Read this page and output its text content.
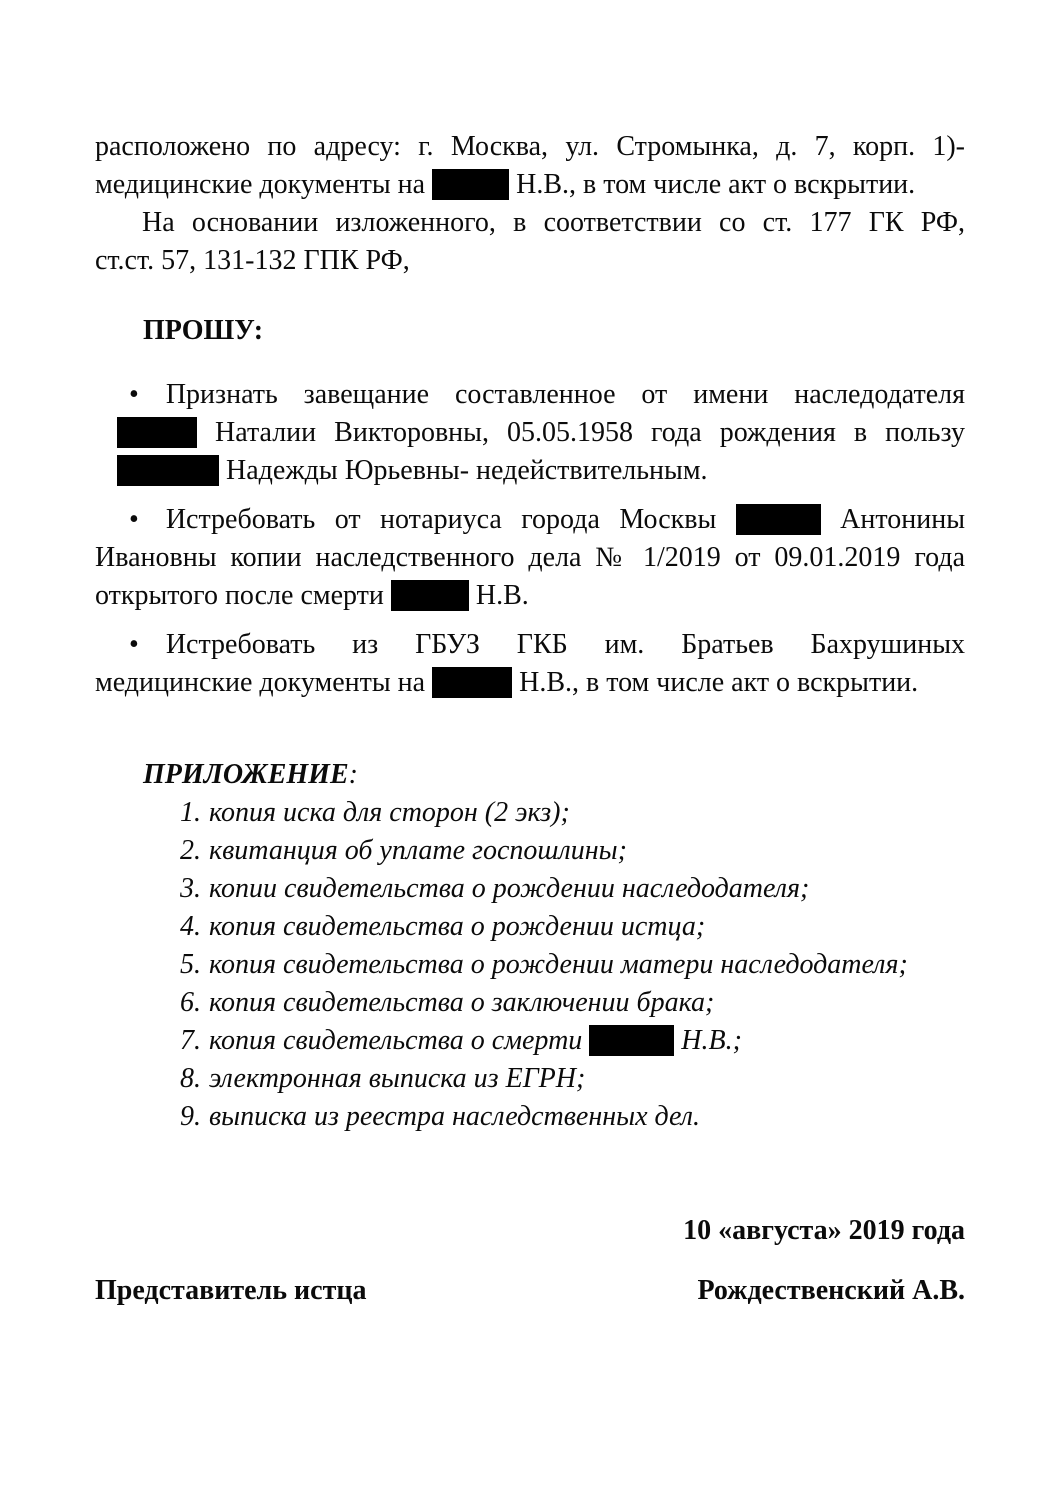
расположено по адресу: г. Москва, ул. Стромынка, д. 7, корп. 1)-
медицинские документы на	Н.В., в том числе акт о вскрытии.
На основании изложенного, в соответствии со ст. 177 ГК РФ,
ст.ст. 57, 131-132 ГПК РФ,
ПРОШУ:
• Признать завещание составленное от имени наследодателя
Наталии Викторовны, 05.05.1958 года рождения в пользу
Надежды Юрьевны- недействительным.
• Истребовать от нотариуса города Москвы	Антонины
Ивановны копии наследственного дела № 1/2019 от 09.01.2019 года
открытого после смерти	Н.В.
• Истребовать из ГБУЗ ГКБ им. Братьев Бахрушиных
медицинские документы на	Н.В., в том числе акт о вскрытии.
ПРИЛОЖЕНИЕ:
1. копия иска для сторон (2 экз);
2. квитанция об уплате госпошлины;
3. копии свидетельства о рождении наследодателя;
4. копия свидетельства о рождении истца;
5. копия свидетельства о рождении матери наследодателя;
6. копия свидетельства о заключении брака;
7. копия свидетельства о смерти	Н.В.;
8. электронная выписка из ЕГРН;
9. выписка из реестра наследственных дел.
10 «августа» 2019 года
Представитель истца	Рождественский А.В.
